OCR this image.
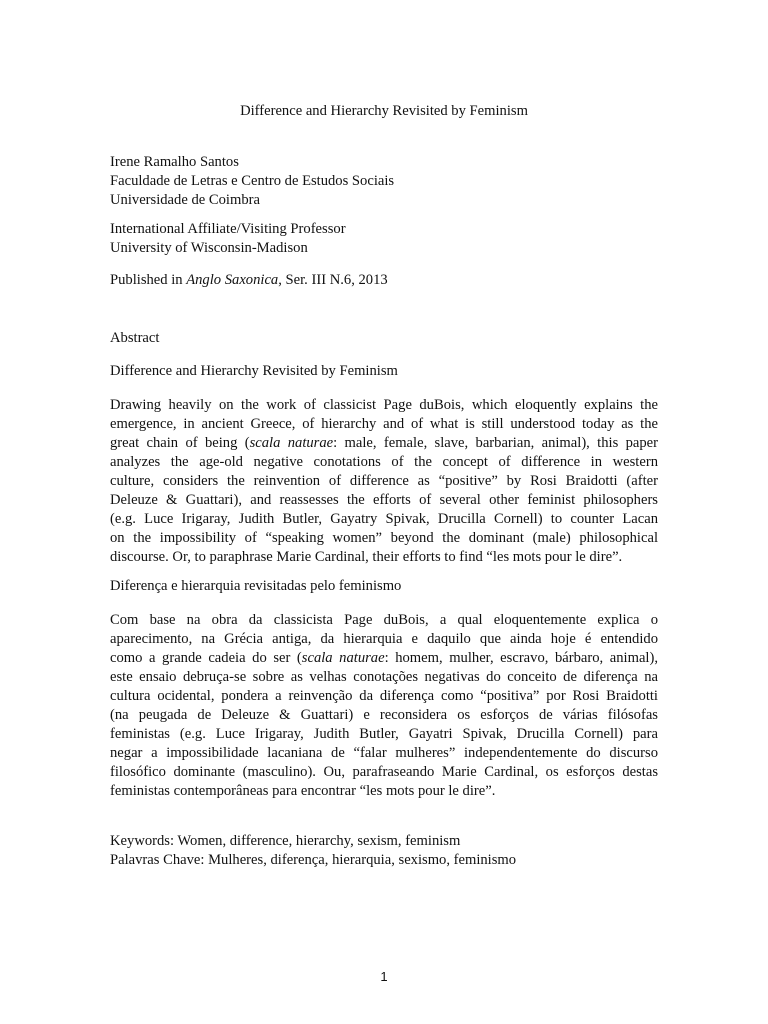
Difference and Hierarchy Revisited by Feminism
Irene Ramalho Santos
Faculdade de Letras e Centro de Estudos Sociais
Universidade de Coimbra
International Affiliate/Visiting Professor
University of Wisconsin-Madison
Published in Anglo Saxonica, Ser. III N.6, 2013
Abstract
Difference and Hierarchy Revisited by Feminism
Drawing heavily on the work of classicist Page duBois, which eloquently explains the
emergence, in ancient Greece, of hierarchy and of what is still understood today as the
great chain of being (scala naturae: male, female, slave, barbarian, animal), this paper
analyzes the age-old negative conotations of the concept of difference in western
culture, considers the reinvention of difference as “positive” by Rosi Braidotti (after
Deleuze & Guattari), and reassesses the efforts of several other feminist philosophers
(e.g. Luce Irigaray, Judith Butler, Gayatry Spivak, Drucilla Cornell) to counter Lacan
on the impossibility of “speaking women” beyond the dominant (male) philosophical
discourse. Or, to paraphrase Marie Cardinal, their efforts to find “les mots pour le dire”.
Diferença e hierarquia revisitadas pelo feminismo
Com base na obra da classicista Page duBois, a qual eloquentemente explica o
aparecimento, na Grécia antiga, da hierarquia e daquilo que ainda hoje é entendido
como a grande cadeia do ser (scala naturae: homem, mulher, escravo, bárbaro, animal),
este ensaio debruça-se sobre as velhas conotações negativas do conceito de diferença na
cultura ocidental, pondera a reinvenção da diferença como “positiva” por Rosi Braidotti
(na peugada de Deleuze & Guattari) e reconsidera os esforços de várias filósofas
feministas (e.g. Luce Irigaray, Judith Butler, Gayatri Spivak, Drucilla Cornell) para
negar a impossibilidade lacaniana de “falar mulheres” independentemente do discurso
filosófico dominante (masculino). Ou, parafraseando Marie Cardinal, os esforços destas
feministas contemporâneas para encontrar “les mots pour le dire”.
Keywords: Women, difference, hierarchy, sexism, feminism
Palavras Chave: Mulheres, diferença, hierarquia, sexismo, feminismo
1
